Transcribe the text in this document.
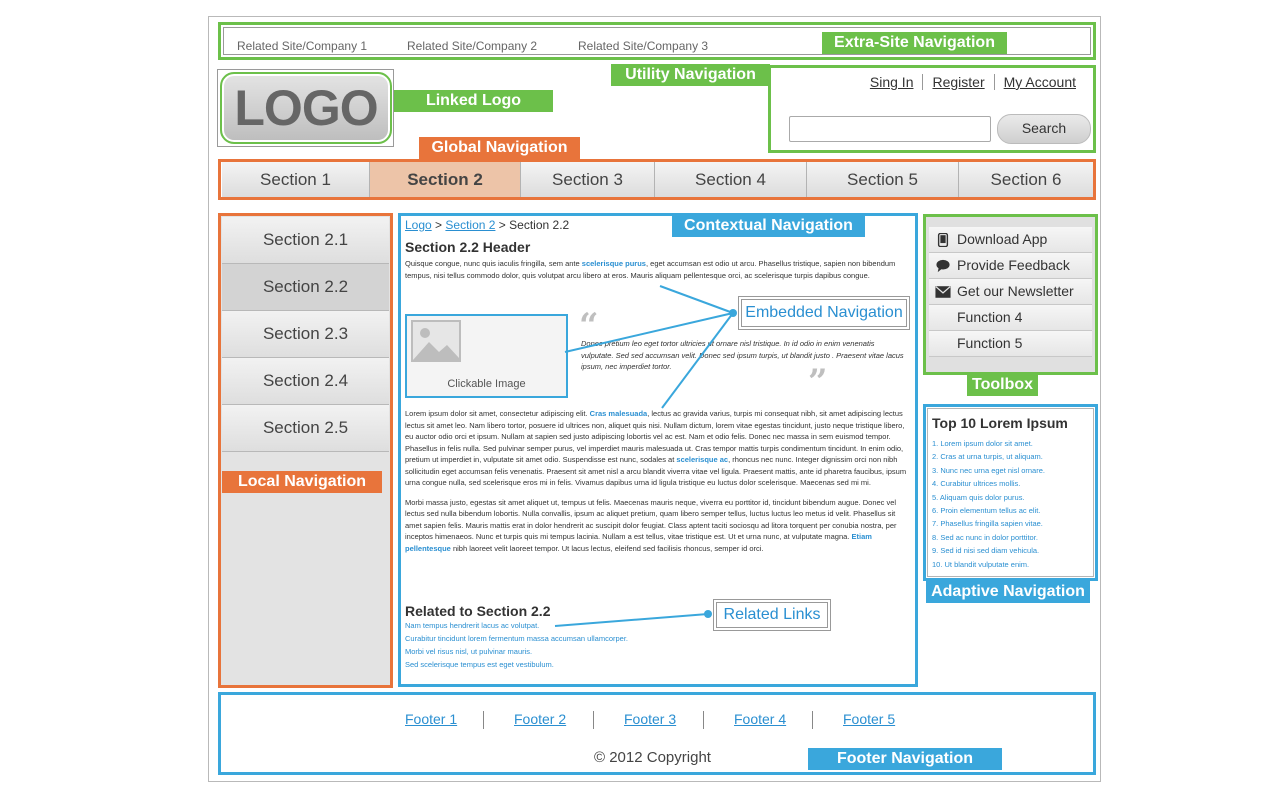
Related Site/Company 1	Related Site/Company 2	Related Site/Company 3	Extra-Site Navigation
LOGO	Linked Logo
Utility Navigation	Sing In	Register	My Account
Search
Global Navigation
Section 1	Section 2	Section 3	Section 4	Section 5	Section 6
Section 2.1
Section 2.2
Section 2.3
Section 2.4
Section 2.5
Local Navigation
Contextual Navigation
Logo > Section 2 > Section 2.2
Section 2.2 Header

Quisque congue, nunc quis iaculis fringilla, sem ante scelerisque purus, eget accumsan est odio ut arcu. Phasellus tristique, sapien non bibendum tempus, nisi tellus commodo dolor, quis volutpat arcu libero at eros. Mauris aliquam pellentesque orci, ac scelerisque turpis dapibus congue.

Clickable Image
“
Donec pretium leo eget tortor ultricies ut ornare nisl tristique. In id odio in enim venenatis vulputate. Sed sed accumsan velit. Donec sed ipsum turpis, ut blandit justo . Praesent vitae lacus ipsum, nec imperdiet tortor.	”

Lorem ipsum dolor sit amet, consectetur adipiscing elit. Cras malesuada, lectus ac gravida varius, turpis mi consequat nibh, sit amet adipiscing lectus lectus sit amet leo. Nam libero tortor, posuere id ultrices non, aliquet quis nisi. Nullam dictum, lorem vitae egestas tincidunt, justo neque tristique libero, eu auctor odio orci et ipsum. Nullam at sapien sed justo adipiscing lobortis vel ac est. Nam et odio felis. Donec nec massa in sem euismod tempor. Phasellus in felis nulla. Sed pulvinar semper purus, vel imperdiet mauris malesuada ut. Cras tempor mattis turpis condimentum tincidunt. In enim odio, pretium ut imperdiet in, vulputate sit amet odio. Suspendisse est nunc, sodales at scelerisque ac, rhoncus nec nunc. Integer dignissim orci non nibh sollicitudin eget accumsan felis venenatis. Praesent sit amet nisl a arcu blandit viverra vitae vel ligula. Praesent mattis, ante id pharetra faucibus, ipsum urna congue nulla, sed scelerisque eros mi in felis. Vivamus dapibus urna id ligula tristique eu luctus dolor scelerisque. Maecenas sed mi mi.

Morbi massa justo, egestas sit amet aliquet ut, tempus ut felis. Maecenas mauris neque, viverra eu porttitor id, tincidunt bibendum augue. Donec vel lectus sed nulla bibendum lobortis. Nulla convallis, ipsum ac aliquet pretium, quam libero semper tellus, luctus luctus leo metus id velit. Phasellus sit amet sapien felis. Mauris mattis erat in dolor hendrerit ac suscipit dolor feugiat. Class aptent taciti sociosqu ad litora torquent per conubia nostra, per inceptos himenaeos. Nunc et turpis quis mi tempus lacinia. Nullam a est tellus, vitae tristique est. Ut et urna nunc, at vulputate magna. Etiam pellentesque nibh laoreet velit laoreet tempor. Ut lacus lectus, eleifend sed facilisis rhoncus, semper id orci.

Related to Section 2.2
Nam tempus hendrerit lacus ac volutpat.
Curabitur tincidunt lorem fermentum massa accumsan ullamcorper.
Morbi vel risus nisl, ut pulvinar mauris.
Sed scelerisque tempus est eget vestibulum.
Embedded Navigation
Related Links
Download App
Provide Feedback
Get our Newsletter
Function 4
Function 5
Toolbox
Top 10 Lorem Ipsum
1. Lorem ipsum dolor sit amet.
2. Cras at urna turpis, ut aliquam.
3. Nunc nec urna eget nisl ornare.
4. Curabitur ultrices mollis.
5. Aliquam quis dolor purus.
6. Proin elementum tellus ac elit.
7. Phasellus fringilla sapien vitae.
8. Sed ac nunc in dolor porttitor.
9. Sed id nisi sed diam vehicula.
10. Ut blandit vulputate enim.
Adaptive Navigation
Footer 1	Footer 2	Footer 3	Footer 4	Footer 5
© 2012 Copyright	Footer Navigation
